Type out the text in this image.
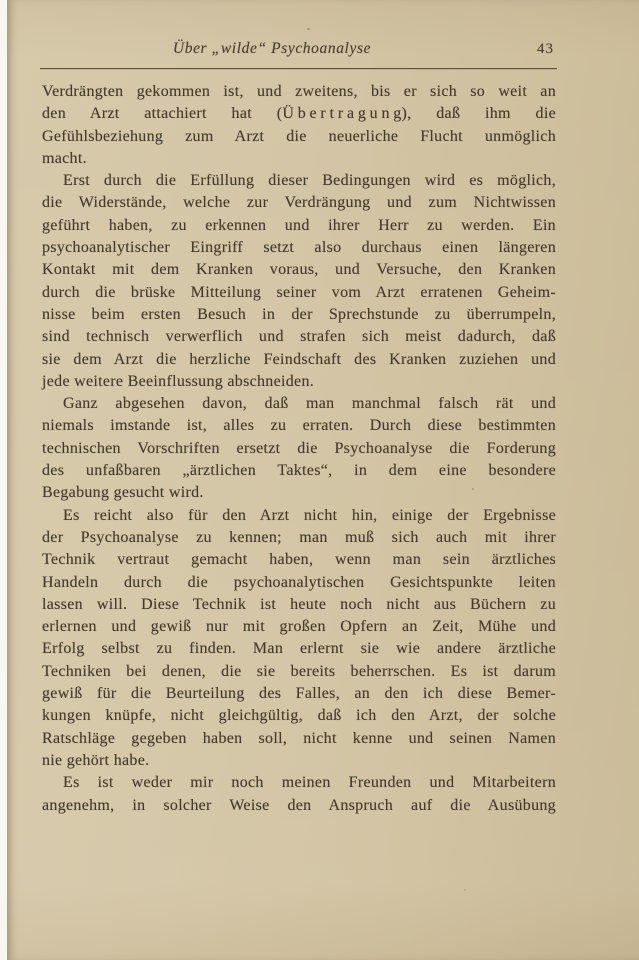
Über „wilde“ Psychoanalyse	43
Verdrängten gekommen ist, und zweitens, bis er sich so weit an
den Arzt attachiert hat (Ü b e r t r a g u n g), daß ihm die
Gefühlsbeziehung zum Arzt die neuerliche Flucht unmöglich
macht.
Erst durch die Erfüllung dieser Bedingungen wird es möglich,
die Widerstände, welche zur Verdrängung und zum Nichtwissen
geführt haben, zu erkennen und ihrer Herr zu werden. Ein
psychoanalytischer Eingriff setzt also durchaus einen längeren
Kontakt mit dem Kranken voraus, und Versuche, den Kranken
durch die brüske Mitteilung seiner vom Arzt erratenen Geheim-
nisse beim ersten Besuch in der Sprechstunde zu überrumpeln,
sind technisch verwerflich und strafen sich meist dadurch, daß
sie dem Arzt die herzliche Feindschaft des Kranken zuziehen und
jede weitere Beeinflussung abschneiden.
Ganz abgesehen davon, daß man manchmal falsch rät und
niemals imstande ist, alles zu erraten. Durch diese bestimmten
technischen Vorschriften ersetzt die Psychoanalyse die Forderung
des unfaßbaren „ärztlichen Taktes“, in dem eine besondere
Begabung gesucht wird.
Es reicht also für den Arzt nicht hin, einige der Ergebnisse
der Psychoanalyse zu kennen; man muß sich auch mit ihrer
Technik vertraut gemacht haben, wenn man sein ärztliches
Handeln durch die psychoanalytischen Gesichtspunkte leiten
lassen will. Diese Technik ist heute noch nicht aus Büchern zu
erlernen und gewiß nur mit großen Opfern an Zeit, Mühe und
Erfolg selbst zu finden. Man erlernt sie wie andere ärztliche
Techniken bei denen, die sie bereits beherrschen. Es ist darum
gewiß für die Beurteilung des Falles, an den ich diese Bemer-
kungen knüpfe, nicht gleichgültig, daß ich den Arzt, der solche
Ratschläge gegeben haben soll, nicht kenne und seinen Namen
nie gehört habe.
Es ist weder mir noch meinen Freunden und Mitarbeitern
angenehm, in solcher Weise den Anspruch auf die Ausübung
